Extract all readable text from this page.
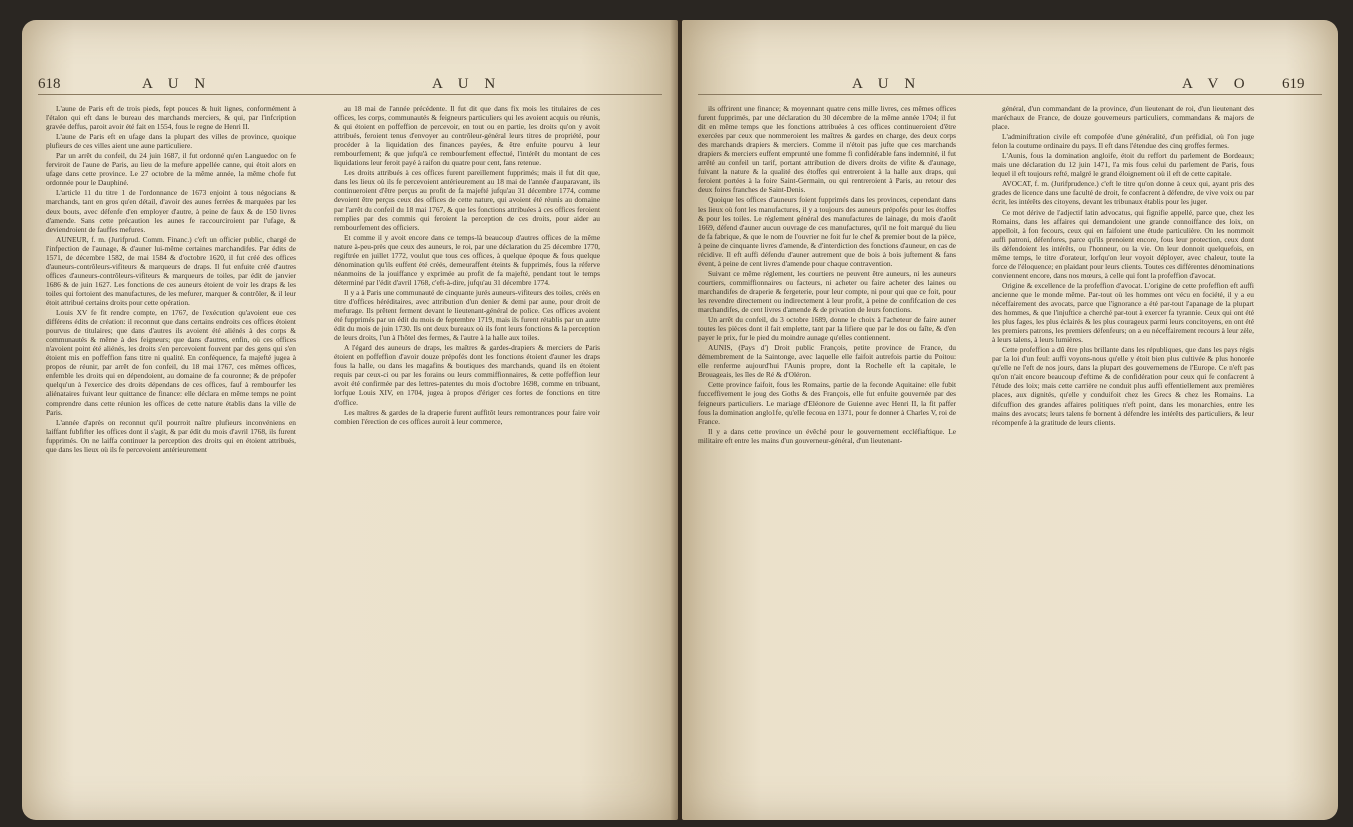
618	A U N	A U N

L'aune de Paris eft de trois pieds, fept pouces & huit lignes, conformément à l'étalon qui eft dans le bureau des marchands merciers, & qui, par l'infcription gravée deffus, paroit avoir été fait en 1554, fous le regne de Henri II.

L'aune de Paris eft en ufage dans la plupart des villes de province, quoique plufieurs de ces villes aient une aune particuliere.

Par un arrêt du confeil, du 24 juin 1687, il fut ordonné qu'en Languedoc on fe ferviroit de l'aune de Paris, au lieu de la mefure appellée canne, qui étoit alors en ufage dans cette province. Le 27 octobre de la même année, la même chofe fut ordonnée pour le Dauphiné.

L'article 11 du titre 1 de l'ordonnance de 1673 enjoint à tous négocians & marchands, tant en gros qu'en détail, d'avoir des aunes ferrées & marquées par les deux bouts, avec défenfe d'en employer d'autre, à peine de faux & de 150 livres d'amende. Sans cette précaution les aunes fe raccourciroient par l'ufage, & deviendroient de fauffes mefures.

AUNEUR, f. m. (Jurifprud. Comm. Financ.) c'eft un officier public, chargé de l'infpection de l'aunage, & d'auner lui-même certaines marchandifes. Par édits de 1571, de décembre 1582, de mai 1584 & d'octobre 1620, il fut créé des offices d'auneurs-contrôleurs-vifiteurs & marqueurs de draps. Il fut enfuite créé d'autres offices d'auneurs-contrôleurs-vifiteurs & marqueurs de toiles, par édit de janvier 1686 & de juin 1627. Les fonctions de ces auneurs étoient de voir les draps & les toiles qui fortoient des manufactures, de les mefurer, marquer & contrôler, & il leur étoit attribué certains droits pour cette opération.

Louis XV fe fit rendre compte, en 1767, de l'exécution qu'avoient eue ces différens édits de création: il reconnut que dans certains endroits ces offices étoient pourvus de titulaires; que dans d'autres ils avoient été aliénés à des corps & communautés & même à des feigneurs; que dans d'autres, enfin, où ces offices n'avoient point été aliénés, les droits s'en percevoient fouvent par des gens qui s'en étoient mis en poffeffion fans titre ni qualité. En conféquence, fa majefté jugea à propos de réunir, par arrêt de fon confeil, du 18 mai 1767, ces mêmes offices, enfemble les droits qui en dépendoient, au domaine de fa couronne; & de prépofer quelqu'un à l'exercice des droits dépendans de ces offices, fauf à rembourfer les aliénataires fuivant leur quittance de finance: elle déclara en même temps ne point comprendre dans cette réunion les offices de cette nature établis dans la ville de Paris.

L'année d'après on reconnut qu'il pourroit naître plufieurs inconvéniens en laiffant fubfifter les offices dont il s'agit, & par édit du mois d'avril 1768, ils furent fupprimés. On ne laiffa continuer la perception des droits qui en étoient attribués, que dans les lieux où ils fe percevoient antérieurement

au 18 mai de l'année précédente. Il fut dit que dans fix mois les titulaires de ces offices, les corps, communautés & feigneurs particuliers qui les avoient acquis ou réunis, & qui étoient en poffeffion de percevoir, en tout ou en partie, les droits qu'on y avoit attribués, feroient tenus d'envoyer au contrôleur-général leurs titres de propriété, pour procéder à la liquidation des finances payées, & être enfuite pourvu à leur rembourfement; & que jufqu'à ce rembourfement effectué, l'intérêt du montant de ces liquidations leur feroit payé à raifon du quatre pour cent, fans retenue.

Les droits attribués à ces offices furent pareillement fupprimés; mais il fut dit que, dans les lieux où ils fe percevoient antérieurement au 18 mai de l'année d'auparavant, ils continueroient d'être perçus au profit de fa majefté jufqu'au 31 décembre 1774, comme devoient être perçus ceux des offices de cette nature, qui avoient été réunis au domaine par l'arrêt du confeil du 18 mai 1767, & que les fonctions attribuées à ces offices feroient remplies par des commis qui feroient la perception de ces droits, pour aider au rembourfement des officiers.

Et comme il y avoit encore dans ce temps-là beaucoup d'autres offices de la même nature à-peu-près que ceux des auneurs, le roi, par une déclaration du 25 décembre 1770, regiftrée en juillet 1772, voulut que tous ces offices, à quelque époque & fous quelque dénomination qu'ils euffent été créés, demeuraffent éteints & fupprimés, fous la réferve néanmoins de la jouiffance y exprimée au profit de fa majefté, pendant tout le temps déterminé par l'édit d'avril 1768, c'eft-à-dire, jufqu'au 31 décembre 1774.

Il y a à Paris une communauté de cinquante jurés auneurs-vifiteurs des toiles, créés en titre d'offices héréditaires, avec attribution d'un denier & demi par aune, pour droit de mefurage. Ils prêtent ferment devant le lieutenant-général de police. Ces offices avoient été fupprimés par un édit du mois de feptembre 1719, mais ils furent rétablis par un autre édit du mois de juin 1730. Ils ont deux bureaux où ils font leurs fonctions & la perception de leurs droits, l'un à l'hôtel des fermes, & l'autre à la halle aux toiles.

A l'égard des auneurs de draps, les maîtres & gardes-drapiers & merciers de Paris étoient en poffeffion d'avoir douze prépofés dont les fonctions étoient d'auner les draps fous la halle, ou dans les magafins & boutiques des marchands, quand ils en étoient requis par ceux-ci ou par les forains ou leurs commiffionnaires, & cette poffeffion leur avoit été confirmée par des lettres-patentes du mois d'octobre 1698, comme en tribuant, lorfque Louis XIV, en 1704, jugea à propos d'ériger ces fortes de fonctions en titre d'office.

Les maîtres & gardes de la draperie furent auffitôt leurs remontrances pour faire voir combien l'érection de ces offices auroit à leur commerce,

A U N	A V O 619

ils offrirent une finance; & moyennant quatre cens mille livres, ces mêmes offices furent fupprimés, par une déclaration du 30 décembre de la même année 1704; il fut dit en même temps que les fonctions attribuées à ces offices continueroient d'être exercées par ceux que nommeroient les maîtres & gardes en charge, des deux corps des marchands drapiers & merciers. Comme il n'étoit pas jufte que ces marchands drapiers & merciers euffent emprunté une fomme fi confidérable fans indemnité, il fut arrêté au confeil un tarif, portant attribution de divers droits de vifite & d'aunage, fuivant la nature & la qualité des étoffes qui entreroient à la halle aux draps, qui feroient portées à la foire Saint-Germain, ou qui rentreroient à Paris, au retour des deux foires franches de Saint-Denis.

Quoique les offices d'auneurs foient fupprimés dans les provinces, cependant dans les lieux où font les manufactures, il y a toujours des auneurs prépofés pour les étoffes & pour les toiles. Le réglement général des manufactures de lainage, du mois d'août 1669, défend d'auner aucun ouvrage de ces manufactures, qu'il ne foit marqué du lieu de fa fabrique, & que le nom de l'ouvrier ne foit fur le chef & premier bout de la pièce, à peine de cinquante livres d'amende, & d'interdiction des fonctions d'auneur, en cas de récidive. Il eft auffi défendu d'auner autrement que de bois à bois juftement & fans évent, à peine de cent livres d'amende pour chaque contravention.

Suivant ce même réglement, les courtiers ne peuvent être auneurs, ni les auneurs courtiers, commiffionnaires ou facteurs, ni acheter ou faire acheter des laines ou marchandifes de draperie & fergeterie, pour leur compte, ni pour qui que ce foit, pour les revendre directement ou indirectement à leur profit, à peine de confifcation de ces marchandifes, de cent livres d'amende & de privation de leurs fonctions.

Un arrêt du confeil, du 3 octobre 1689, donne le choix à l'acheteur de faire auner toutes les pièces dont il fait emplette, tant par la lifiere que par le dos ou faîte, & d'en payer le prix, fur le pied du moindre aunage qu'elles contiennent.

AUNIS, (Pays d') Droit public François, petite province de France, du démembrement de la Saintonge, avec laquelle elle faifoit autrefois partie du Poitou: elle renferme aujourd'hui l'Aunis propre, dont la Rochelle eft la capitale, le Brouageais, les îles de Ré & d'Oléron.

Cette province faifoit, fous les Romains, partie de la feconde Aquitaine: elle fubit fucceffivement le joug des Goths & des François, elle fut enfuite gouvernée par des feigneurs particuliers. Le mariage d'Eléonore de Guienne avec Henri II, la fit paffer fous la domination anglo1fe, qu'elle fecoua en 1371, pour fe donner à Charles V, roi de France.

Il y a dans cette province un évêché pour le gouvernement eccléfiaftique. Le militaire eft entre les mains d'un gouverneur-général, d'un lieutenant-

général, d'un commandant de la province, d'un lieutenant de roi, d'un lieutenant des maréchaux de France, de douze gouverneurs particuliers, commandans & majors de place.

L'adminiftration civile eft compofée d'une généralité, d'un préfidial, où l'on juge felon la coutume ordinaire du pays. Il eft dans l'étendue des cinq groffes fermes.

L'Aunis, fous la domination angloife, étoit du reffort du parlement de Bordeaux; mais une déclaration du 12 juin 1471, l'a mis fous celui du parlement de Paris, fous lequel il eft toujours refté, malgré le grand éloignement où il eft de cette capitale.

AVOCAT, f. m. (Jurifprudence.) c'eft le titre qu'on donne à ceux qui, ayant pris des grades de licence dans une faculté de droit, fe confacrent à défendre, de vive voix ou par écrit, les intérêts des citoyens, devant les tribunaux établis pour les juger.

Ce mot dérive de l'adjectif latin advocatus, qui fignifie appellé, parce que, chez les Romains, dans les affaires qui demandoient une grande connoiffance des loix, on appelloit, à fon fecours, ceux qui en faifoient une étude particulière. On les nommoit auffi patroni, défenfores, parce qu'ils prenoient encore, fous leur protection, ceux dont ils défendoient les intérêts, ou l'honneur, ou la vie. On leur donnoit quelquefois, en même temps, le titre d'orateur, lorfqu'on leur voyoit déployer, avec chaleur, toute la force de l'éloquence; en plaidant pour leurs clients. Toutes ces différentes dénominations conviennent encore, dans nos mœurs, à celle qui font la profeffion d'avocat.

Origine & excellence de la profeffion d'avocat. L'origine de cette profeffion eft auffi ancienne que le monde même. Par-tout où les hommes ont vécu en fociété, il y a eu néceffairement des avocats, parce que l'ignorance a été par-tout l'apanage de la plupart des hommes, & que l'injuftice a cherché par-tout à exercer fa tyrannie. Ceux qui ont été les plus fages, les plus éclairés & les plus courageux parmi leurs concitoyens, en ont été les premiers patrons, les premiers défenfeurs; on a eu néceffairement recours à leur zèle, à leurs talens, à leurs lumières.

Cette profeffion a dû être plus brillante dans les républiques, que dans les pays régis par la loi d'un feul: auffi voyons-nous qu'elle y étoit bien plus cultivée & plus honorée qu'elle ne l'eft de nos jours, dans la plupart des gouvernemens de l'Europe. Ce n'eft pas qu'on n'ait encore beaucoup d'eftime & de confidération pour ceux qui fe confacrent à l'étude des loix; mais cette carrière ne conduit plus auffi effentiellement aux premières places, aux dignités, qu'elle y conduifoit chez les Grecs & chez les Romains. La difcuffion des grandes affaires politiques n'eft point, dans les monarchies, entre les mains des avocats; leurs talens fe bornent à défendre les intérêts des particuliers, & leur récompenfe à la gratitude de leurs clients.
